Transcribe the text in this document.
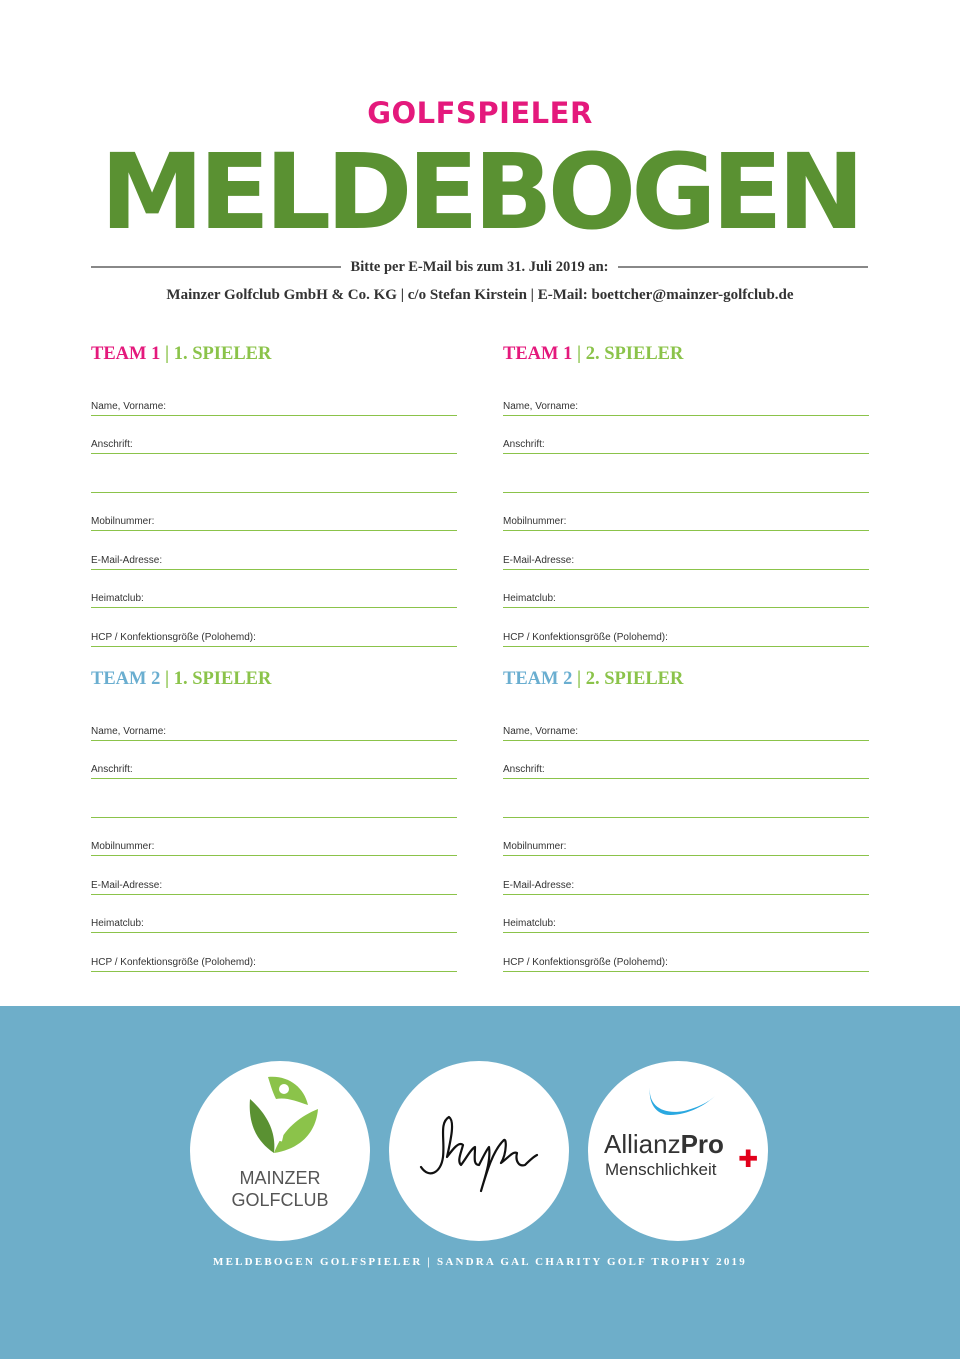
GOLFSPIELER
MELDEBOGEN
Bitte per E-Mail bis zum 31. Juli 2019 an:
Mainzer Golfclub GmbH & Co. KG | c/o Stefan Kirstein | E-Mail: boettcher@mainzer-golfclub.de
TEAM 1 | 1. SPIELER
Name, Vorname:
Anschrift:
Mobilnummer:
E-Mail-Adresse:
Heimatclub:
HCP / Konfektionsgröße (Polohemd):
TEAM 1 | 2. SPIELER
Name, Vorname:
Anschrift:
Mobilnummer:
E-Mail-Adresse:
Heimatclub:
HCP / Konfektionsgröße (Polohemd):
TEAM 2 | 1. SPIELER
Name, Vorname:
Anschrift:
Mobilnummer:
E-Mail-Adresse:
Heimatclub:
HCP / Konfektionsgröße (Polohemd):
TEAM 2 | 2. SPIELER
Name, Vorname:
Anschrift:
Mobilnummer:
E-Mail-Adresse:
Heimatclub:
HCP / Konfektionsgröße (Polohemd):
MAINZER
GOLFCLUB
AllianzPro
Menschlichkeit ✚
MELDEBOGEN GOLFSPIELER | SANDRA GAL CHARITY GOLF TROPHY 2019
